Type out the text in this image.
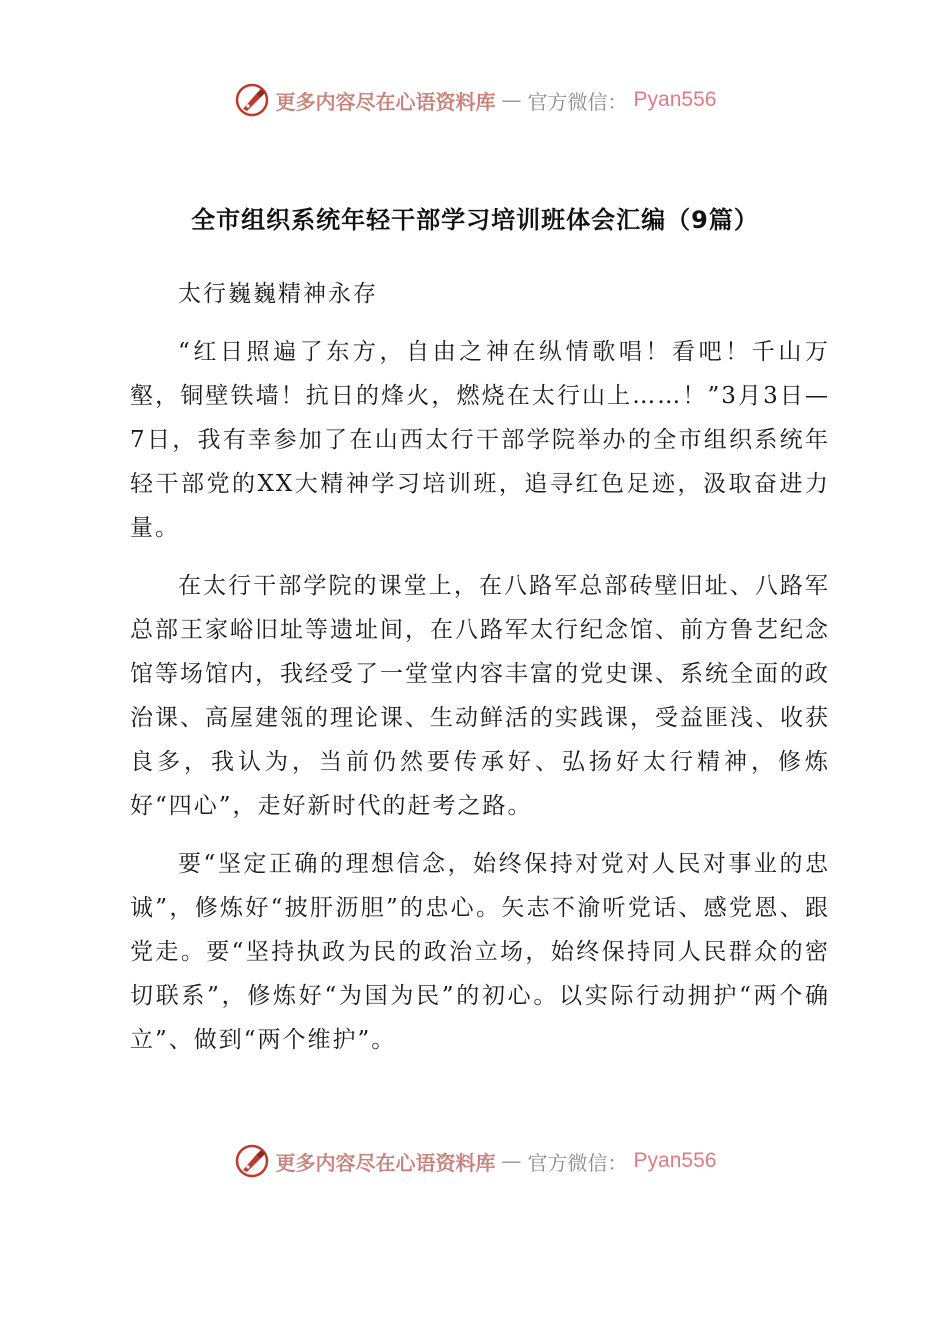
更多内容尽在心语资料库 — 官方微信： Pyan556
全市组织系统年轻干部学习培训班体会汇编（9篇）

太行巍巍精神永存

“红日照遍了东方，自由之神在纵情歌唱！看吧！千山万壑，铜壁铁墙！抗日的烽火，燃烧在太行山上……！”3月3日—7日，我有幸参加了在山西太行干部学院举办的全市组织系统年轻干部党的XX大精神学习培训班，追寻红色足迹，汲取奋进力量。

在太行干部学院的课堂上，在八路军总部砖壁旧址、八路军总部王家峪旧址等遗址间，在八路军太行纪念馆、前方鲁艺纪念馆等场馆内，我经受了一堂堂内容丰富的党史课、系统全面的政治课、高屋建瓴的理论课、生动鲜活的实践课，受益匪浅、收获良多，我认为，当前仍然要传承好、弘扬好太行精神，修炼好“四心”，走好新时代的赶考之路。

要“坚定正确的理想信念，始终保持对党对人民对事业的忠诚”，修炼好“披肝沥胆”的忠心。矢志不渝听党话、感党恩、跟党走。要“坚持执政为民的政治立场，始终保持同人民群众的密切联系”，修炼好“为国为民”的初心。以实际行动拥护“两个确立”、做到“两个维护”。

更多内容尽在心语资料库 — 官方微信： Pyan556
